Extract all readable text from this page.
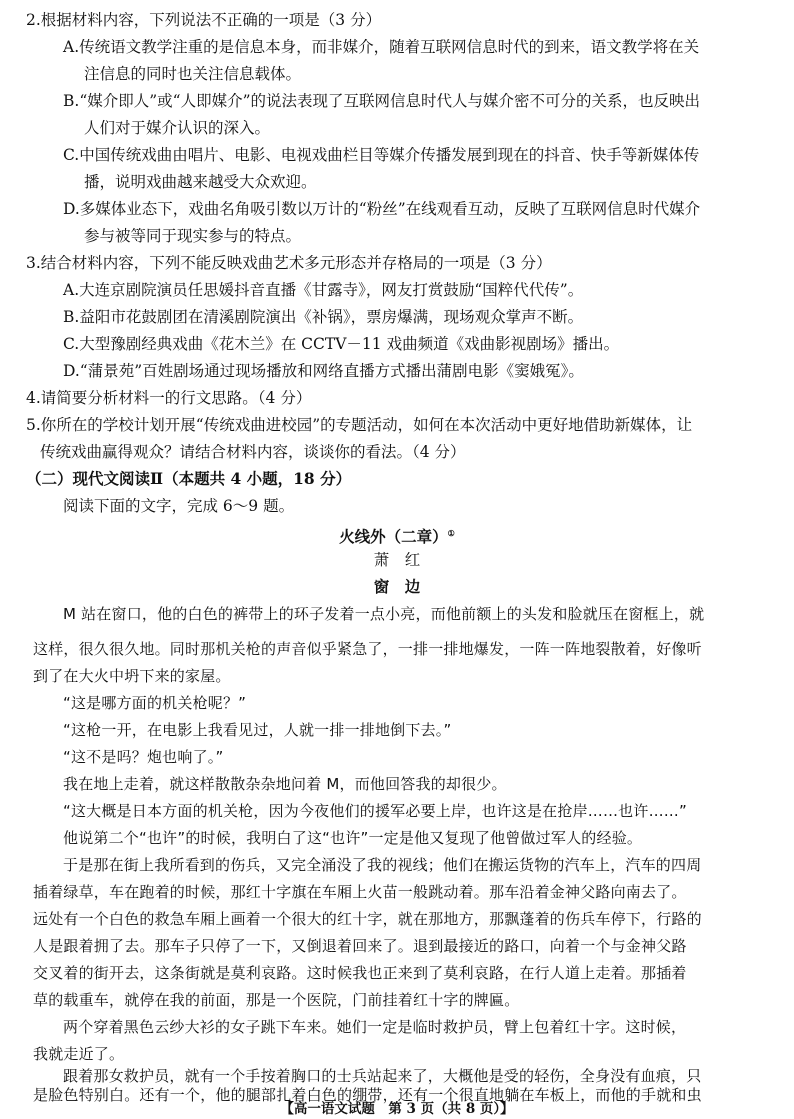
2.根据材料内容，下列说法不正确的一项是（3 分）
A.传统语文教学注重的是信息本身，而非媒介，随着互联网信息时代的到来，语文教学将在关
注信息的同时也关注信息载体。
B.“媒介即人”或“人即媒介”的说法表现了互联网信息时代人与媒介密不可分的关系，也反映出
人们对于媒介认识的深入。
C.中国传统戏曲由唱片、电影、电视戏曲栏目等媒介传播发展到现在的抖音、快手等新媒体传
播，说明戏曲越来越受大众欢迎。
D.多媒体业态下，戏曲名角吸引数以万计的“粉丝”在线观看互动，反映了互联网信息时代媒介
参与被等同于现实参与的特点。
3.结合材料内容，下列不能反映戏曲艺术多元形态并存格局的一项是（3 分）
A.大连京剧院演员任思媛抖音直播《甘露寺》，网友打赏鼓励“国粹代代传”。
B.益阳市花鼓剧团在清溪剧院演出《补锅》，票房爆满，现场观众掌声不断。
C.大型豫剧经典戏曲《花木兰》在 CCTV－11 戏曲频道《戏曲影视剧场》播出。
D.“蒲景苑”百姓剧场通过现场播放和网络直播方式播出蒲剧电影《窦娥冤》。
4.请简要分析材料一的行文思路。（4 分）
5.你所在的学校计划开展“传统戏曲进校园”的专题活动，如何在本次活动中更好地借助新媒体，让
传统戏曲赢得观众？请结合材料内容，谈谈你的看法。（4 分）
（二）现代文阅读Ⅱ（本题共 4 小题，18 分）
阅读下面的文字，完成 6～9 题。
火线外（二章）①
萧　红
窗　边
M 站在窗口，他的白色的裤带上的环子发着一点小亮，而他前额上的头发和脸就压在窗框上，就
这样，很久很久地。同时那机关枪的声音似乎紧急了，一排一排地爆发，一阵一阵地裂散着，好像听
到了在大火中坍下来的家屋。
“这是哪方面的机关枪呢？”
“这枪一开，在电影上我看见过，人就一排一排地倒下去。”
“这不是吗？炮也响了。”
我在地上走着，就这样散散杂杂地问着 M，而他回答我的却很少。
“这大概是日本方面的机关枪，因为今夜他们的援军必要上岸，也许这是在抢岸……也许……”
他说第二个“也许”的时候，我明白了这“也许”一定是他又复现了他曾做过军人的经验。
于是那在街上我所看到的伤兵，又完全涌没了我的视线；他们在搬运货物的汽车上，汽车的四周
插着绿草，车在跑着的时候，那红十字旗在车厢上火苗一般跳动着。那车沿着金神父路向南去了。
远处有一个白色的救急车厢上画着一个很大的红十字，就在那地方，那飘蓬着的伤兵车停下，行路的
人是跟着拥了去。那车子只停了一下，又倒退着回来了。退到最接近的路口，向着一个与金神父路
交叉着的街开去，这条街就是莫利哀路。这时候我也正来到了莫利哀路，在行人道上走着。那插着
草的载重车，就停在我的前面，那是一个医院，门前挂着红十字的牌匾。
两个穿着黑色云纱大衫的女子跳下车来。她们一定是临时救护员，臂上包着红十字。这时候，
我就走近了。
跟着那女救护员，就有一个手按着胸口的士兵站起来了，大概他是受的轻伤，全身没有血痕，只
是脸色特别白。还有一个，他的腿部扎着白色的绷带，还有一个很直地躺在车板上，而他的手就和虫
【高一语文试题　第 3 页（共 8 页）】
